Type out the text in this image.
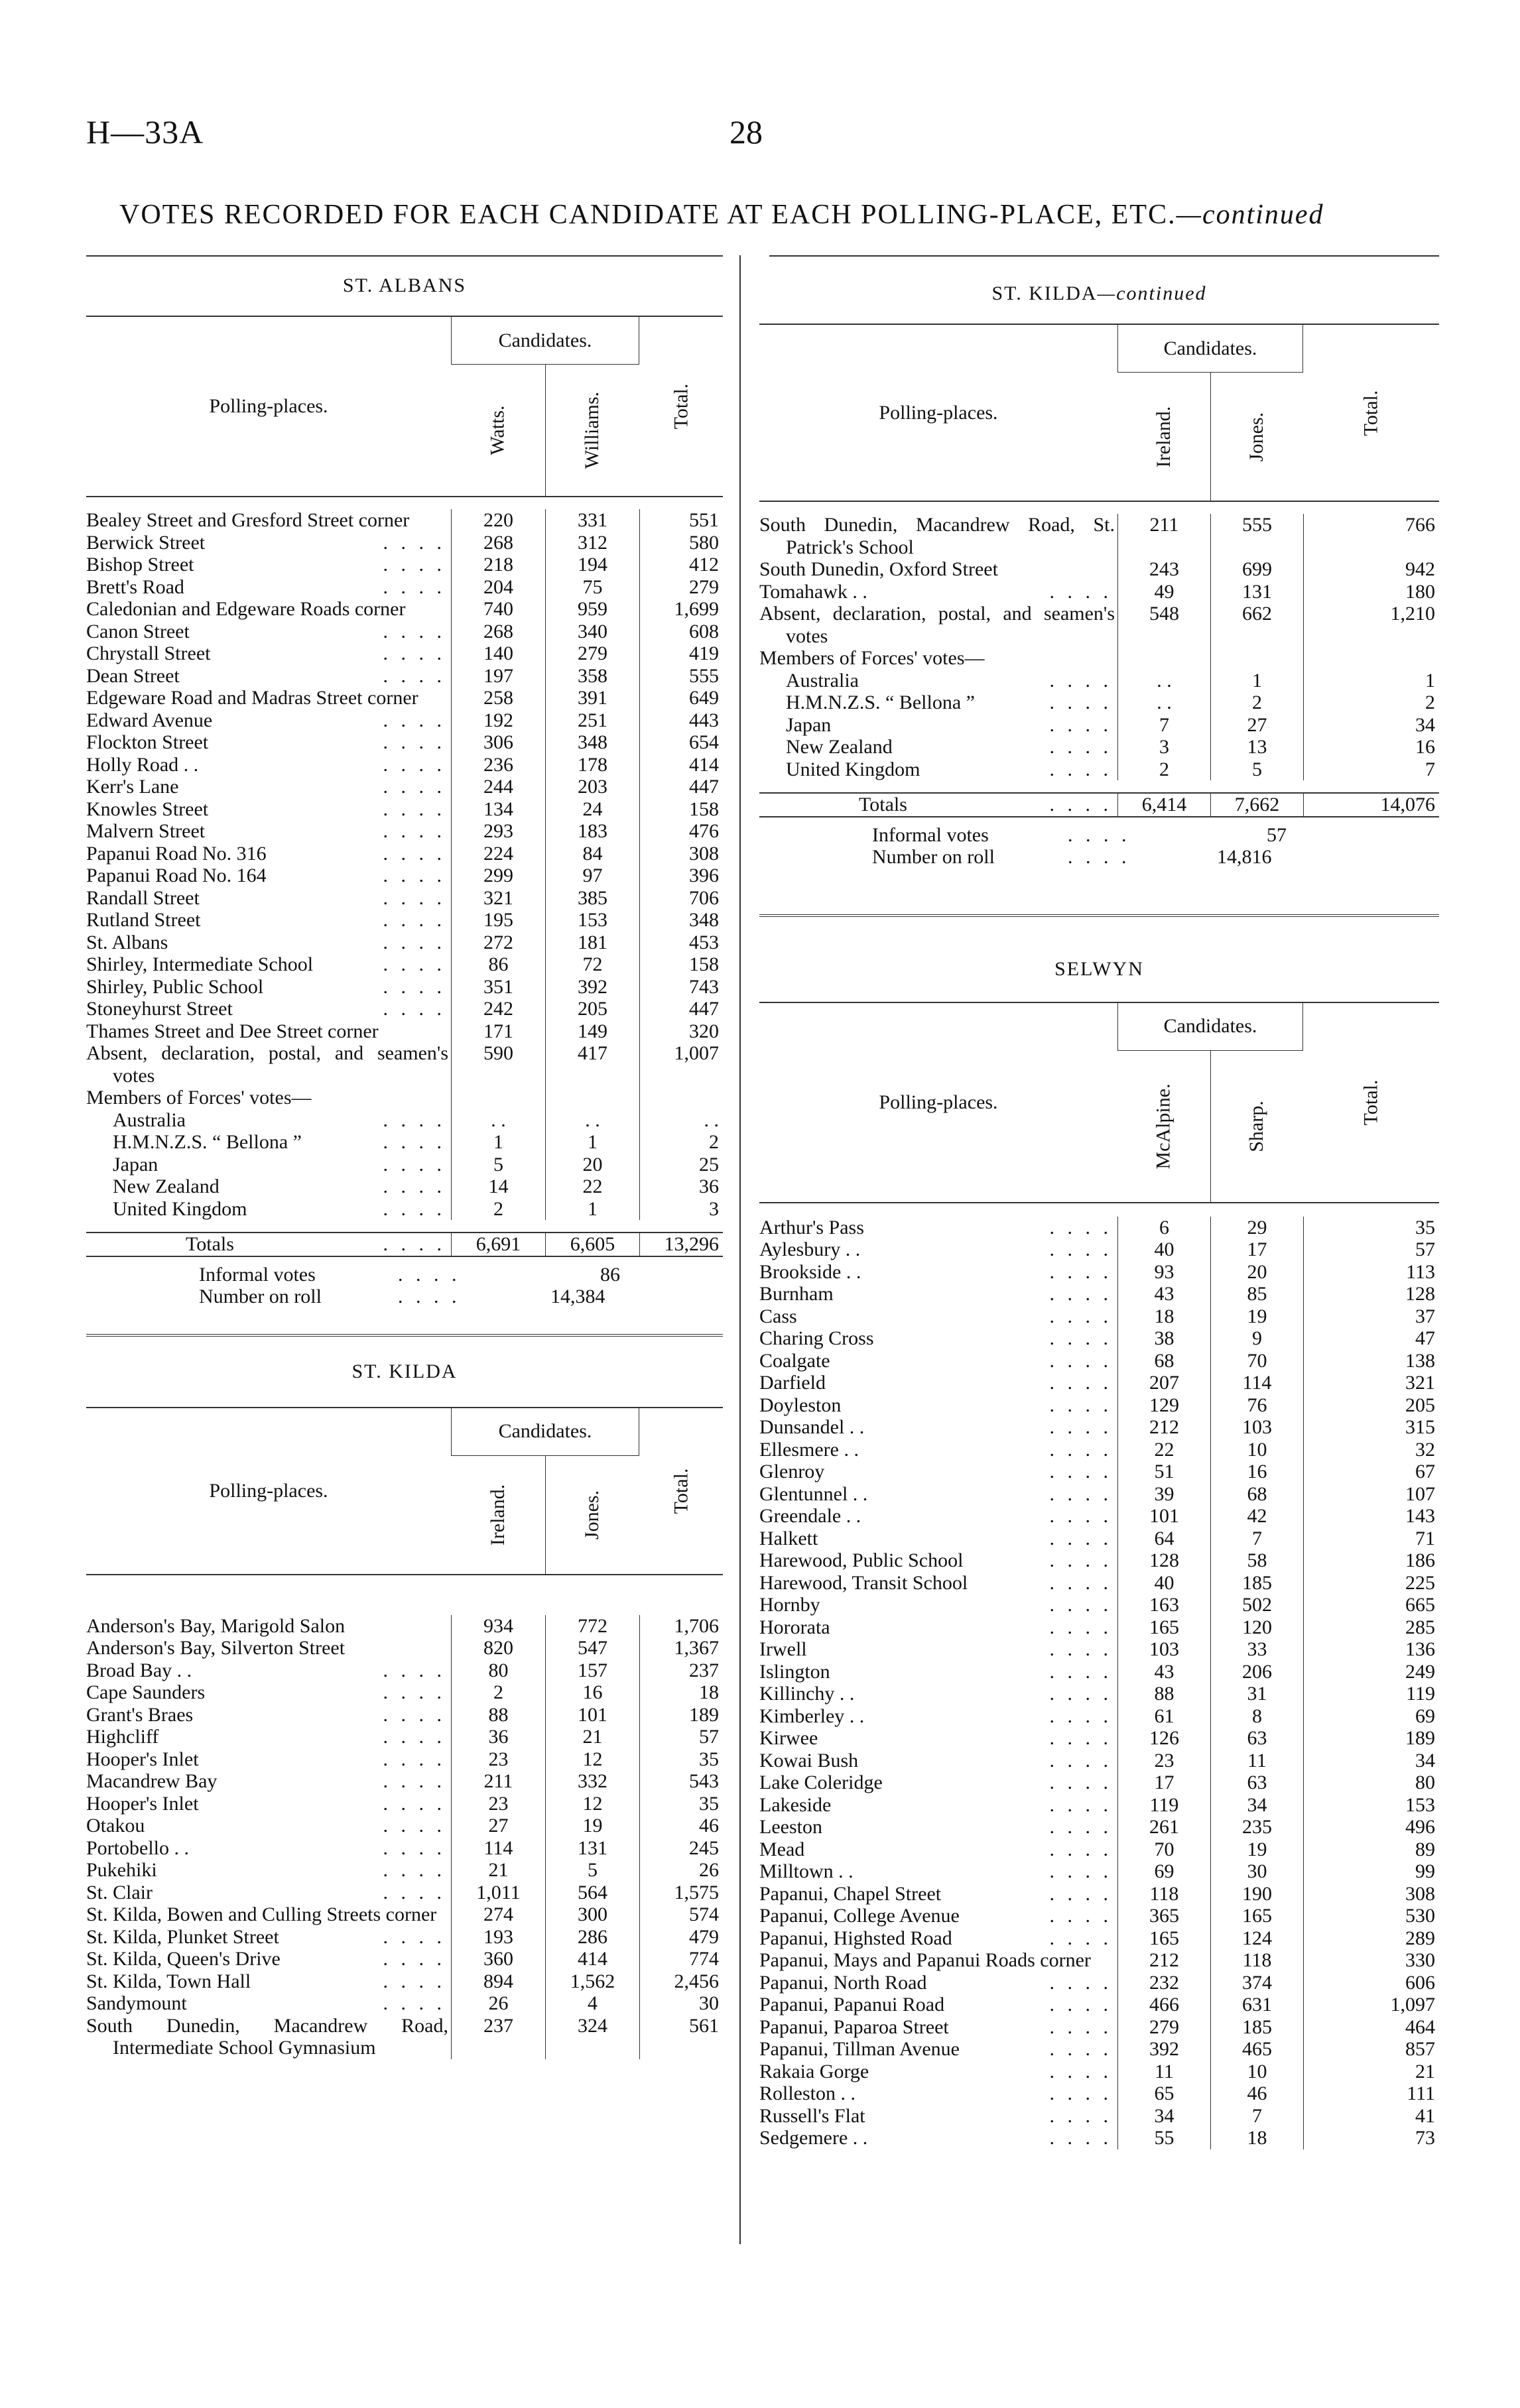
H—33A	28
VOTES RECORDED FOR EACH CANDIDATE AT EACH POLLING-PLACE, ETC.—continued
ST. ALBANS
Polling-places.
Candidates.
Watts.	Williams.	Total.
Bealey Street and Gresford Street corner	220	331	551
Berwick Street	. . . .	268	312	580
Bishop Street	. . . .	218	194	412
Brett's Road	. . . .	204	75	279
Caledonian and Edgeware Roads corner	740	959	1,699
Canon Street	. . . .	268	340	608
Chrystall Street	. . . .	140	279	419
Dean Street	. . . .	197	358	555
Edgeware Road and Madras Street corner	258	391	649
Edward Avenue	. . . .	192	251	443
Flockton Street	. . . .	306	348	654
Holly Road . .	. . . .	236	178	414
Kerr's Lane	. . . .	244	203	447
Knowles Street	. . . .	134	24	158
Malvern Street	. . . .	293	183	476
Papanui Road No. 316	. . . .	224	84	308
Papanui Road No. 164	. . . .	299	97	396
Randall Street	. . . .	321	385	706
Rutland Street	. . . .	195	153	348
St. Albans	. . . .	272	181	453
Shirley, Intermediate School	. . . .	86	72	158
Shirley, Public School	. . . .	351	392	743
Stoneyhurst Street	. . . .	242	205	447
Thames Street and Dee Street corner	171	149	320
Absent, declaration, postal, and seamen's votes
590	417	1,007
Members of Forces' votes—
Australia	. . . .	. .	. .	. .
H.M.N.Z.S. “ Bellona ”	. . . .	1	1	2
Japan	. . . .	5	20	25
New Zealand	. . . .	14	22	36
United Kingdom	. . . .	2	1	3
Totals	. . . .	6,691	6,605	13,296
Informal votes	. . . .	86
Number on roll	. . . .	14,384
ST. KILDA
Polling-places.
Candidates.
Ireland.	Jones.	Total.
Anderson's Bay, Marigold Salon	934	772	1,706
Anderson's Bay, Silverton Street	820	547	1,367
Broad Bay . .	. . . .	80	157	237
Cape Saunders	. . . .	2	16	18
Grant's Braes	. . . .	88	101	189
Highcliff	. . . .	36	21	57
Hooper's Inlet	. . . .	23	12	35
Macandrew Bay	. . . .	211	332	543
Hooper's Inlet	. . . .	23	12	35
Otakou	. . . .	27	19	46
Portobello . .	. . . .	114	131	245
Pukehiki	. . . .	21	5	26
St. Clair	. . . .	1,011	564	1,575
St. Kilda, Bowen and Culling Streets corner	274	300	574
St. Kilda, Plunket Street	. . . .	193	286	479
St. Kilda, Queen's Drive	. . . .	360	414	774
St. Kilda, Town Hall	. . . .	894	1,562	2,456
Sandymount	. . . .	26	4	30
South Dunedin, Macandrew Road, Intermediate School Gymnasium
237	324	561
ST. KILDA—continued
Polling-places.
Candidates.
Ireland.	Jones.	Total.
South Dunedin, Macandrew Road, St. Patrick's School
211	555	766
South Dunedin, Oxford Street	243	699	942
Tomahawk . .	. . . .	49	131	180
Absent, declaration, postal, and seamen's votes
548	662	1,210
Members of Forces' votes—
Australia	. . . .	. .	1	1
H.M.N.Z.S. “ Bellona ”	. . . .	. .	2	2
Japan	. . . .	7	27	34
New Zealand	. . . .	3	13	16
United Kingdom	. . . .	2	5	7
Totals	. . . .	6,414	7,662	14,076
Informal votes	. . . .	57
Number on roll	. . . .	14,816
SELWYN
Polling-places.
Candidates.
McAlpine.	Sharp.	Total.
Arthur's Pass	. . . .	6	29	35
Aylesbury . .	. . . .	40	17	57
Brookside . .	. . . .	93	20	113
Burnham	. . . .	43	85	128
Cass	. . . .	18	19	37
Charing Cross	. . . .	38	9	47
Coalgate	. . . .	68	70	138
Darfield	. . . .	207	114	321
Doyleston	. . . .	129	76	205
Dunsandel . .	. . . .	212	103	315
Ellesmere . .	. . . .	22	10	32
Glenroy	. . . .	51	16	67
Glentunnel . .	. . . .	39	68	107
Greendale . .	. . . .	101	42	143
Halkett	. . . .	64	7	71
Harewood, Public School	. . . .	128	58	186
Harewood, Transit School	. . . .	40	185	225
Hornby	. . . .	163	502	665
Hororata	. . . .	165	120	285
Irwell	. . . .	103	33	136
Islington	. . . .	43	206	249
Killinchy . .	. . . .	88	31	119
Kimberley . .	. . . .	61	8	69
Kirwee	. . . .	126	63	189
Kowai Bush	. . . .	23	11	34
Lake Coleridge	. . . .	17	63	80
Lakeside	. . . .	119	34	153
Leeston	. . . .	261	235	496
Mead	. . . .	70	19	89
Milltown . .	. . . .	69	30	99
Papanui, Chapel Street	. . . .	118	190	308
Papanui, College Avenue	. . . .	365	165	530
Papanui, Highsted Road	. . . .	165	124	289
Papanui, Mays and Papanui Roads corner	212	118	330
Papanui, North Road	. . . .	232	374	606
Papanui, Papanui Road	. . . .	466	631	1,097
Papanui, Paparoa Street	. . . .	279	185	464
Papanui, Tillman Avenue	. . . .	392	465	857
Rakaia Gorge	. . . .	11	10	21
Rolleston . .	. . . .	65	46	111
Russell's Flat	. . . .	34	7	41
Sedgemere . .	. . . .	55	18	73
